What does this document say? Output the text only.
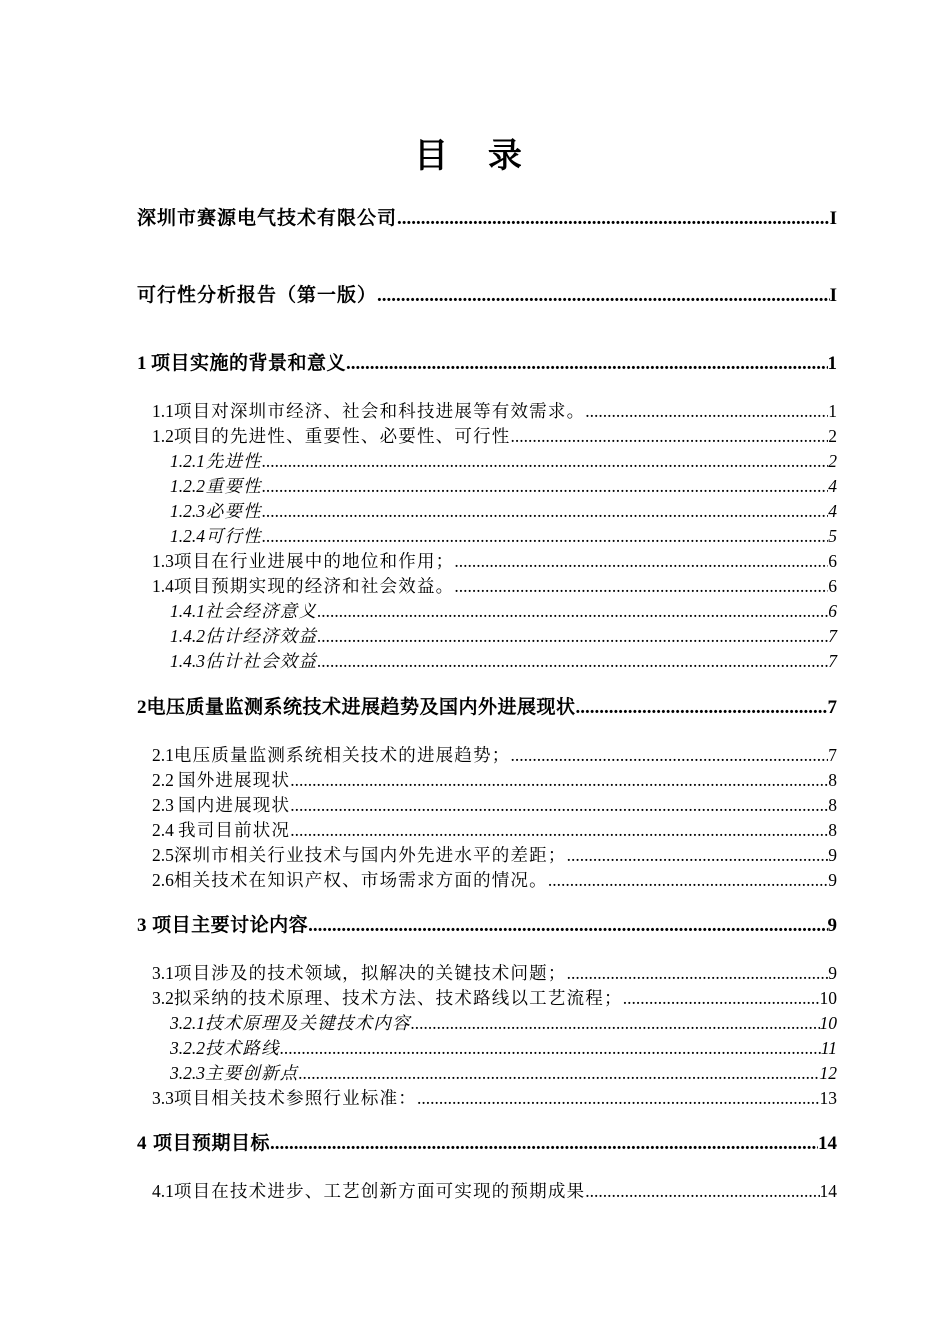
目 录
深圳市赛源电气技术有限公司 .....	I
可行性分析报告（第一版） .....	I
1 项目实施的背景和意义 .....	1
1.1 项目对深圳市经济、社会和科技进展等有效需求。 .....	1
1.2 项目的先进性、重要性、必要性、可行性 .....	2
1.2.1 先进性 .....	2
1.2.2 重要性 .....	4
1.2.3 必要性 .....	4
1.2.4 可行性 .....	5
1.3 项目在行业进展中的地位和作用； .....	6
1.4 项目预期实现的经济和社会效益。 .....	6
1.4.1 社会经济意义 .....	6
1.4.2 估计经济效益 .....	7
1.4.3 估计社会效益 .....	7
2 电压质量监测系统技术进展趋势及国内外进展现状 .....	7
2.1 电压质量监测系统相关技术的进展趋势； .....	7
2.2 国外进展现状 .....	8
2.3 国内进展现状 .....	8
2.4 我司目前状况 .....	8
2.5 深圳市相关行业技术与国内外先进水平的差距； .....	9
2.6 相关技术在知识产权、市场需求方面的情况。 .....	9
3 项目主要讨论内容 .....	9
3.1 项目涉及的技术领域，拟解决的关键技术问题； .....	9
3.2 拟采纳的技术原理、技术方法、技术路线以工艺流程； .....	10
3.2.1 技术原理及关键技术内容 .....	10
3.2.2 技术路线 .....	11
3.2.3 主要创新点 .....	12
3.3 项目相关技术参照行业标准： .....	13
4 项目预期目标 .....	14
4.1 项目在技术进步、工艺创新方面可实现的预期成果 .....	14
